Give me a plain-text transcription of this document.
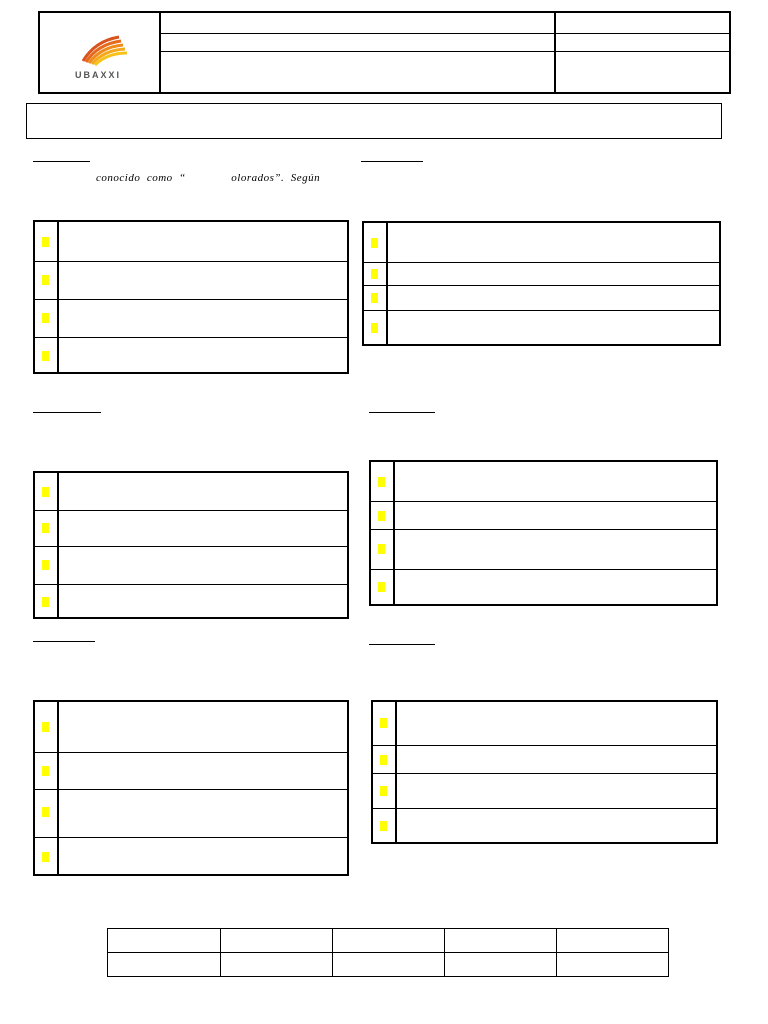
UBAXXI
conocido  como  “              olorados”.  Según
